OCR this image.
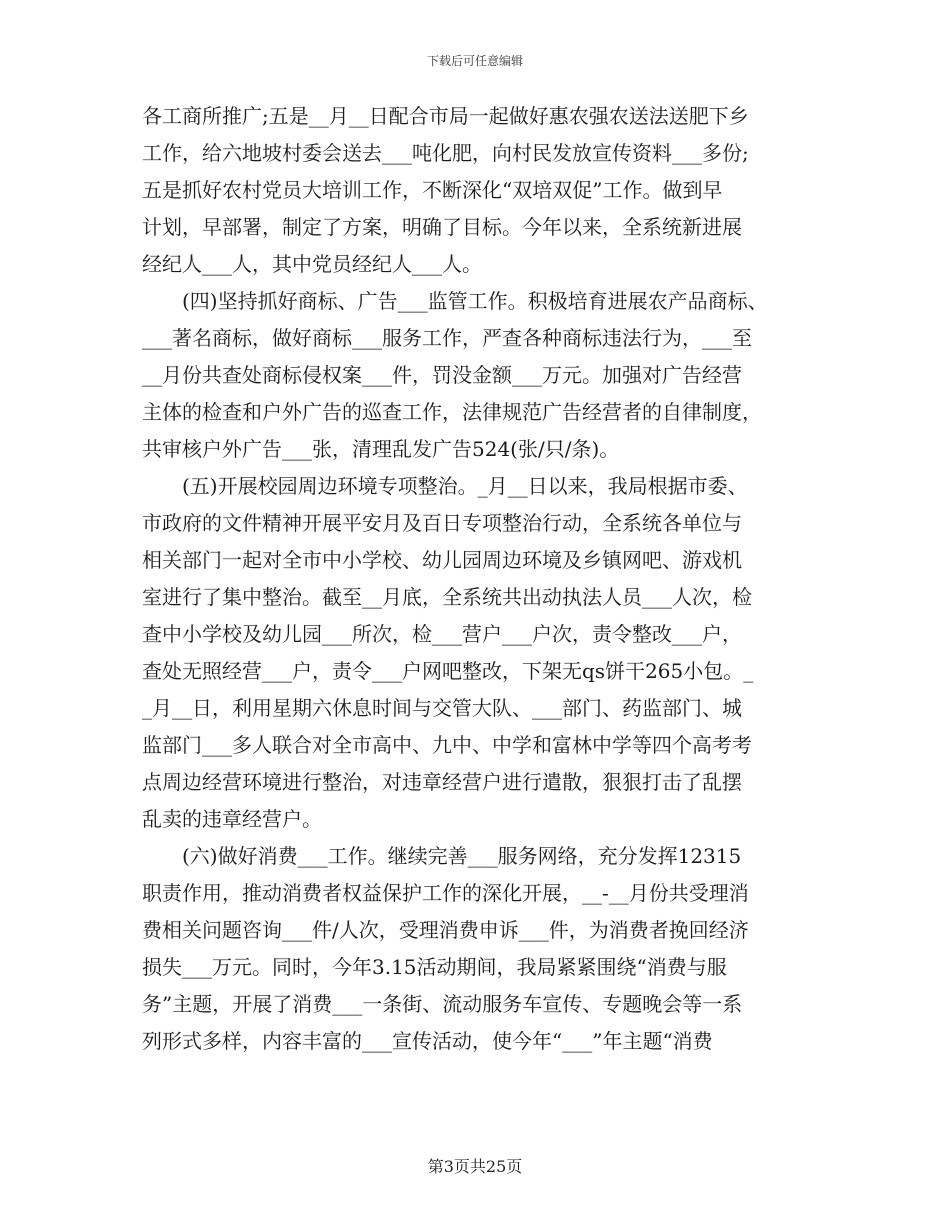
下载后可任意编辑
各工商所推广;五是__月__日配合市局一起做好惠农强农送法送肥下乡
工作，给六地坡村委会送去___吨化肥，向村民发放宣传资料___多份;
五是抓好农村党员大培训工作，不断深化“双培双促”工作。做到早
计划，早部署，制定了方案，明确了目标。今年以来，全系统新进展
经纪人___人，其中党员经纪人___人。
　　(四)坚持抓好商标、广告___监管工作。积极培育进展农产品商标、
___著名商标，做好商标___服务工作，严查各种商标违法行为，___至
__月份共查处商标侵权案___件，罚没金额___万元。加强对广告经营
主体的检查和户外广告的巡查工作，法律规范广告经营者的自律制度，
共审核户外广告___张，清理乱发广告524(张/只/条)。
　　(五)开展校园周边环境专项整治。_月__日以来，我局根据市委、
市政府的文件精神开展平安月及百日专项整治行动，全系统各单位与
相关部门一起对全市中小学校、幼儿园周边环境及乡镇网吧、游戏机
室进行了集中整治。截至__月底，全系统共出动执法人员___人次，检
查中小学校及幼儿园___所次，检___营户___户次，责令整改___户，
查处无照经营___户，责令___户网吧整改，下架无qs饼干265小包。_
_月__日，利用星期六休息时间与交管大队、___部门、药监部门、城
监部门___多人联合对全市高中、九中、中学和富林中学等四个高考考
点周边经营环境进行整治，对违章经营户进行遣散，狠狠打击了乱摆
乱卖的违章经营户。
　　(六)做好消费___工作。继续完善___服务网络，充分发挥12315
职责作用，推动消费者权益保护工作的深化开展，__-__月份共受理消
费相关问题咨询___件/人次，受理消费申诉___件，为消费者挽回经济
损失___万元。同时，今年3.15活动期间，我局紧紧围绕“消费与服
务”主题，开展了消费___一条街、流动服务车宣传、专题晚会等一系
列形式多样，内容丰富的___宣传活动，使今年“___”年主题“消费
第3页共25页
